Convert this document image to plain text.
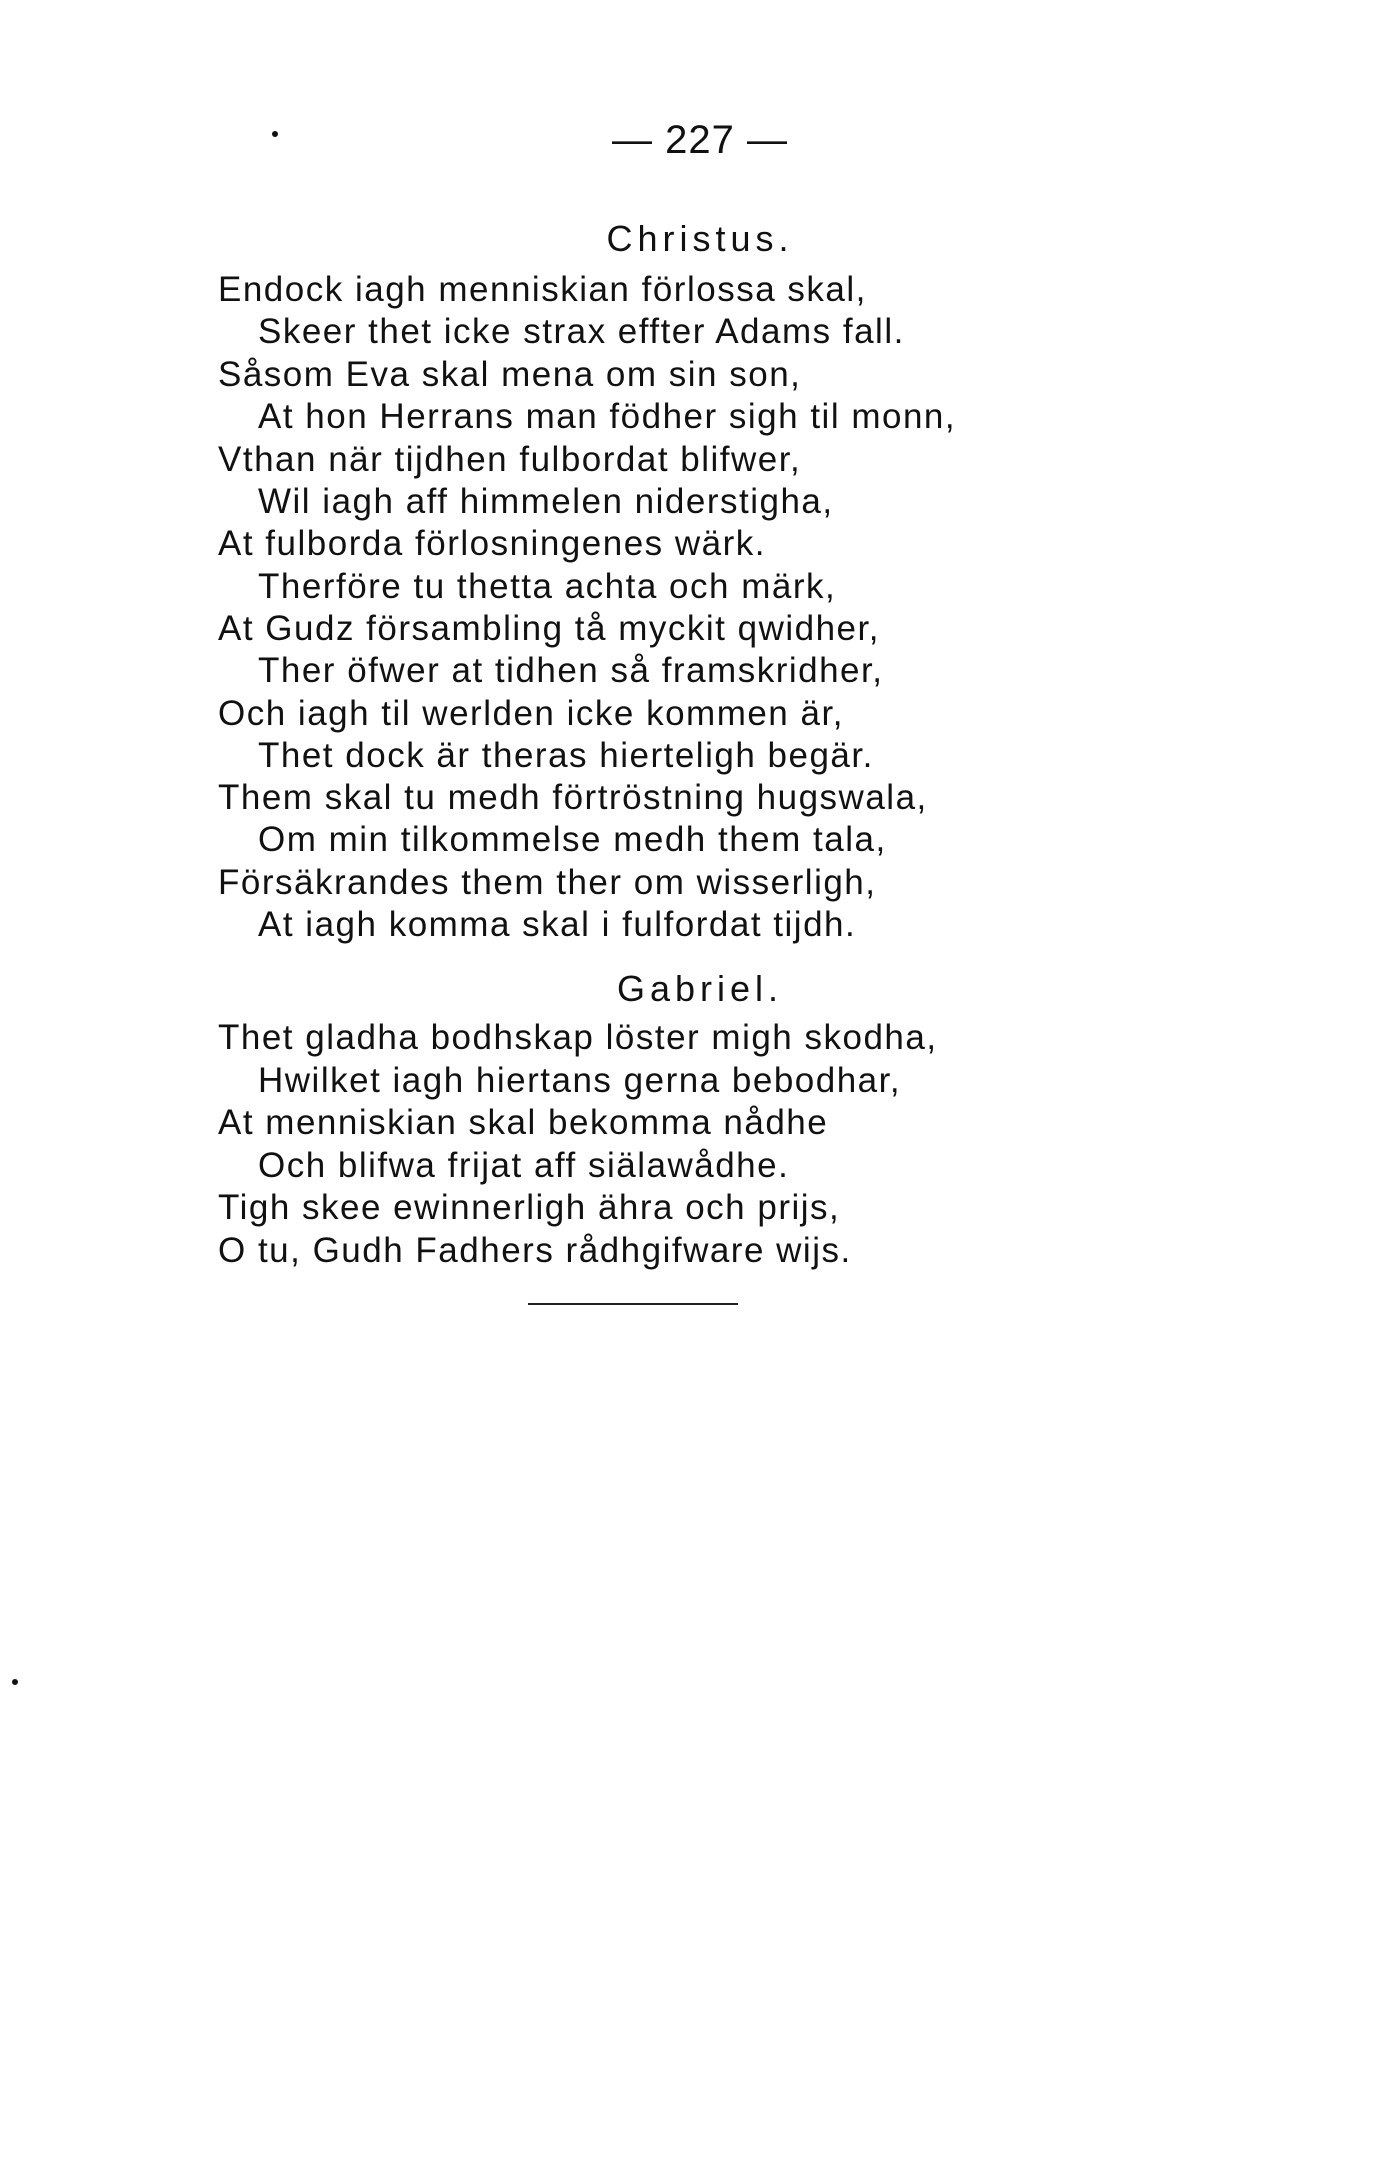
— 227 —
Christus.
Endock iagh menniskian förlossa skal,
Skeer thet icke strax effter Adams fall.
Såsom Eva skal mena om sin son,
At hon Herrans man födher sigh til monn,
Vthan när tijdhen fulbordat blifwer,
Wil iagh aff himmelen niderstigha,
At fulborda förlosningenes wärk.
Therföre tu thetta achta och märk,
At Gudz försambling tå myckit qwidher,
Ther öfwer at tidhen så framskridher,
Och iagh til werlden icke kommen är,
Thet dock är theras hierteligh begär.
Them skal tu medh förtröstning hugswala,
Om min tilkommelse medh them tala,
Försäkrandes them ther om wisserligh,
At iagh komma skal i fulfordat tijdh.
Gabriel.
Thet gladha bodhskap löster migh skodha,
Hwilket iagh hiertans gerna bebodhar,
At menniskian skal bekomma nådhe
Och blifwa frijat aff siälawådhe.
Tigh skee ewinnerligh ähra och prijs,
O tu, Gudh Fadhers rådhgifware wijs.
